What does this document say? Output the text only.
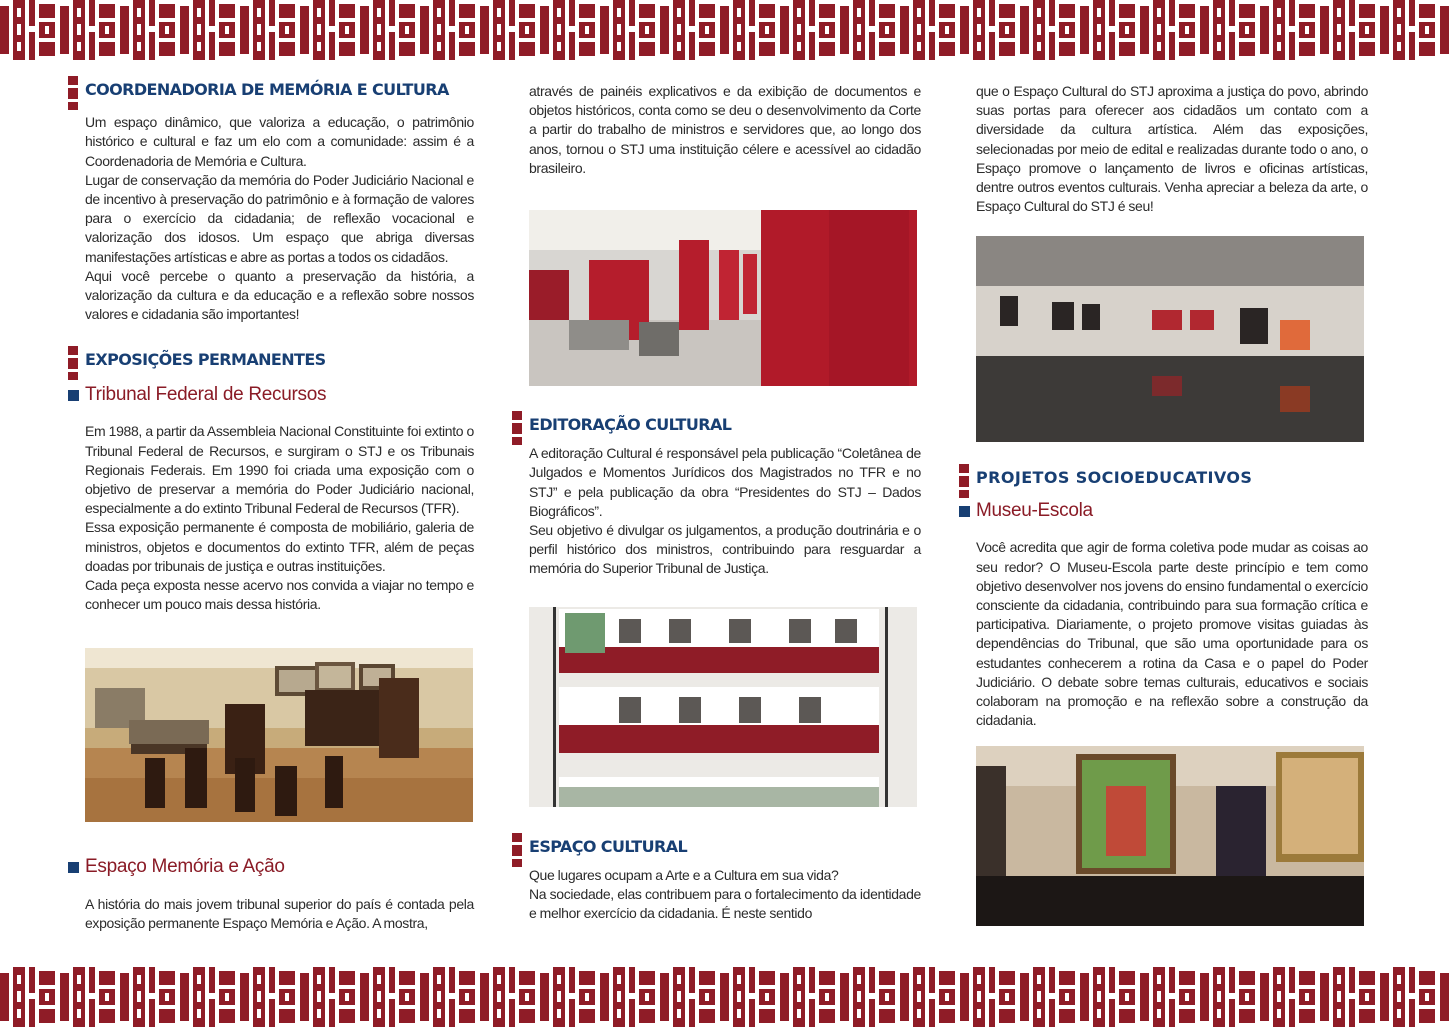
COORDENADORIA DE MEMÓRIA E CULTURA

Um espaço dinâmico, que valoriza a educação, o patrimônio histórico e cultural e faz um elo com a comunidade: assim é a Coordenadoria de Memória e Cultura.

Lugar de conservação da memória do Poder Judiciário Nacional e de incentivo à preservação do patrimônio e à formação de valores para o exercício da cidadania; de reflexão vocacional e valorização dos idosos. Um espaço que abriga diversas manifestações artísticas e abre as portas a todos os cidadãos.

Aqui você percebe o quanto a preservação da história, a valorização da cultura e da educação e a reflexão sobre nossos valores e cidadania são importantes!

EXPOSIÇÕES PERMANENTES
Tribunal Federal de Recursos

Em 1988, a partir da Assembleia Nacional Constituinte foi extinto o Tribunal Federal de Recursos, e surgiram o STJ e os Tribunais Regionais Federais. Em 1990 foi criada uma exposição com o objetivo de preservar a memória do Poder Judiciário nacional, especialmente a do extinto Tribunal Federal de Recursos (TFR).

Essa exposição permanente é composta de mobiliário, galeria de ministros, objetos e documentos do extinto TFR, além de peças doadas por tribunais de justiça e outras instituições.

Cada peça exposta nesse acervo nos convida a viajar no tempo e conhecer um pouco mais dessa história.

Espaço Memória e Ação

A história do mais jovem tribunal superior do país é contada pela exposição permanente Espaço Memória e Ação. A mostra,

através de painéis explicativos e da exibição de documentos e objetos históricos, conta como se deu o desenvolvimento da Corte a partir do trabalho de ministros e servidores que, ao longo dos anos, tornou o STJ uma instituição célere e acessível ao cidadão brasileiro.

EDITORAÇÃO CULTURAL

A editoração Cultural é responsável pela publicação “Coletânea de Julgados e Momentos Jurídicos dos Magistrados no TFR e no STJ” e pela publicação da obra “Presidentes do STJ – Dados Biográficos”.

Seu objetivo é divulgar os julgamentos, a produção doutrinária e o perfil histórico dos ministros, contribuindo para resguardar a memória do Superior Tribunal de Justiça.

ESPAÇO CULTURAL

Que lugares ocupam a Arte e a Cultura em sua vida?

Na sociedade, elas contribuem para o fortalecimento da identidade e melhor exercício da cidadania. É neste sentido

que o Espaço Cultural do STJ aproxima a justiça do povo, abrindo suas portas para oferecer aos cidadãos um contato com a diversidade da cultura artística. Além das exposições, selecionadas por meio de edital e realizadas durante todo o ano, o Espaço promove o lançamento de livros e oficinas artísticas, dentre outros eventos culturais. Venha apreciar a beleza da arte, o Espaço Cultural do STJ é seu!

PROJETOS SOCIOEDUCATIVOS
Museu-Escola

Você acredita que agir de forma coletiva pode mudar as coisas ao seu redor? O Museu-Escola parte deste princípio e tem como objetivo desenvolver nos jovens do ensino fundamental o exercício consciente da cidadania, contribuindo para sua formação crítica e participativa. Diariamente, o projeto promove visitas guiadas às dependências do Tribunal, que são uma oportunidade para os estudantes conhecerem a rotina da Casa e o papel do Poder Judiciário. O debate sobre temas culturais, educativos e sociais colaboram na promoção e na reflexão sobre a construção da cidadania.
